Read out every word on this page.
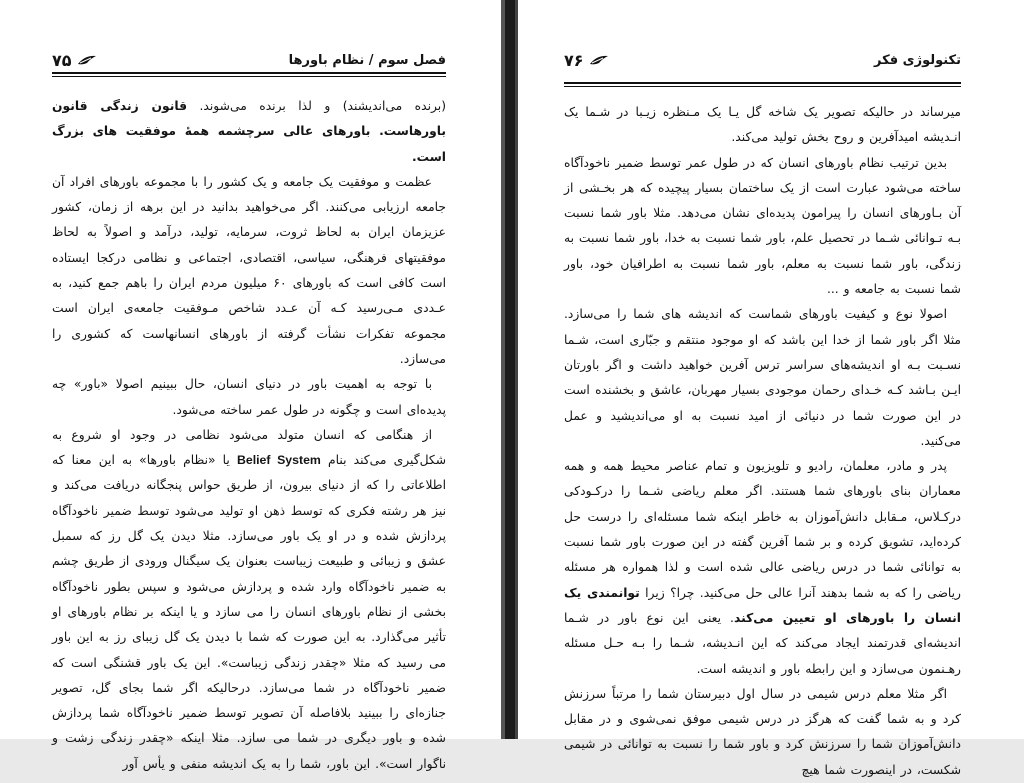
فصل سوم / نظام باورها
۷۵

(برنده می‌اندیشند) و لذا برنده می‌شوند. قانون زندگی قانون باورهاست. باورهای عالی سرچشمه همهٔ موفقیت های بزرگ است.

عظمت و موفقیت یک جامعه و یک کشور را با مجموعه باورهای افراد آن جامعه ارزیابی می‌کنند. اگر می‌خواهید بدانید در این برهه از زمان، کشور عزیزمان ایران به لحاظ ثروت، سرمایه، تولید، درآمد و اصولاً به لحاظ موفقیتهای فرهنگی، سیاسی، اقتصادی، اجتماعی و نظامی درکجا ایستاده است کافی است که باورهای ۶۰ میلیون مردم ایران را باهم جمع کنید، به عـددی مـی‌رسید کـه آن عـدد شاخص مـوفقیت جامعه‌ی ایران است مجموعه تفکرات نشأت گرفته از باورهای انسانهاست که کشوری را می‌سازد.

با توجه به اهمیت باور در دنیای انسان، حال ببینیم اصولا «باور» چه پدیده‌ای است و چگونه در طول عمر ساخته می‌شود.

از هنگامی که انسان متولد می‌شود نظامی در وجود او شروع به شکل‌گیری می‌کند بنام Belief System یا «نظام باورها» به این معنا که اطلاعاتی را که از دنیای بیرون، از طریق حواس پنجگانه دریافت می‌کند و نیز هر رشته فکری که توسط ذهن او تولید می‌شود توسط ضمیر ناخودآگاه پردازش شده و در او یک باور می‌سازد. مثلا دیدن یک گل رز که سمبل عشق و زیبائی و طبیعت زیباست بعنوان یک سیگنال ورودی از طریق چشم به ضمیر ناخودآگاه وارد شده و پردازش می‌شود و سپس بطور ناخودآگاه بخشی از نظام باورهای انسان را می سازد و یا اینکه بر نظام باورهای او تأثیر می‌گذارد. به این صورت که شما با دیدن یک گل زیبای رز به این باور می رسید که مثلا «چقدر زندگی زیباست». این یک باور قشنگی است که ضمیر ناخودآگاه در شما می‌سازد. درحالیکه اگر شما بجای گل، تصویر جنازه‌ای را ببینید بلافاصله آن تصویر توسط ضمیر ناخودآگاه شما پردازش شده و باور دیگری در شما می سازد. مثلا اینکه «چقدر زندگی زشت و ناگوار است». این باور، شما را به یک اندیشه منفی و یأس آور

تکنولوژی فکر
۷۶

میرساند در حالیکه تصویر یک شاخه گل یـا یک مـنظره زیـبا در شـما یک انـدیشه امیدآفرین و روح بخش تولید می‌کند.

بدین ترتیب نظام باورهای انسان که در طول عمر توسط ضمیر ناخودآگاه ساخته می‌شود عبارت است از یک ساختمان بسیار پیچیده که هر بخـشی از آن بـاورهای انسان را پیرامون پدیده‌ای نشان می‌دهد. مثلا باور شما نسبت بـه تـوانائی شـما در تحصیل علم، باور شما نسبت به خدا، باور شما نسبت به زندگی، باور شما نسبت به معلم، باور شما نسبت به اطرافیان خود، باور شما نسبت به جامعه و ...

اصولا نوع و کیفیت باورهای شماست که اندیشه های شما را می‌سازد. مثلا اگر باور شما از خدا این باشد که او موجود منتقم و جبّاری است، شـما نسـبت بـه او اندیشه‌های سراسر ترس آفرین خواهید داشت و اگر باورتان ایـن بـاشد کـه خـدای رحمان موجودی بسیار مهربان، عاشق و بخشنده است در این صورت شما در دنیائی از امید نسبت به او می‌اندیشید و عمل می‌کنید.

پدر و مادر، معلمان، رادیو و تلویزیون و تمام عناصر محیط همه و همه معماران بنای باورهای شما هستند. اگر معلم ریاضی شـما را درکـودکی درکـلاس، مـقابل دانش‌آموزان به خاطر اینکه شما مسئله‌ای را درست حل کرده‌اید، تشویق کرده و بر شما آفرین گفته در این صورت باور شما نسبت به توانائی شما در درس ریاضی عالی شده است و لذا همواره هر مسئله ریاضی را که به شما بدهند آنرا عالی حل می‌کنید. چرا؟ زیرا توانمندی یک انسان را باورهای او تعیین می‌کند. یعنی این نوع باور در شـما اندیشه‌ای قدرتمند ایجاد می‌کند که این انـدیشه، شـما را بـه حـل مسئله رهـنمون می‌سازد و این رابطه باور و اندیشه است.

اگر مثلا معلم درس شیمی در سال اول دبیرستان شما را مرتباً سرزنش کرد و به شما گفت که هرگز در درس شیمی موفق نمی‌شوی و در مقابل دانش‌آموزان شما را سرزنش کرد و باور شما را نسبت به توانائی در شیمی شکست، در اینصورت شما هیچ
